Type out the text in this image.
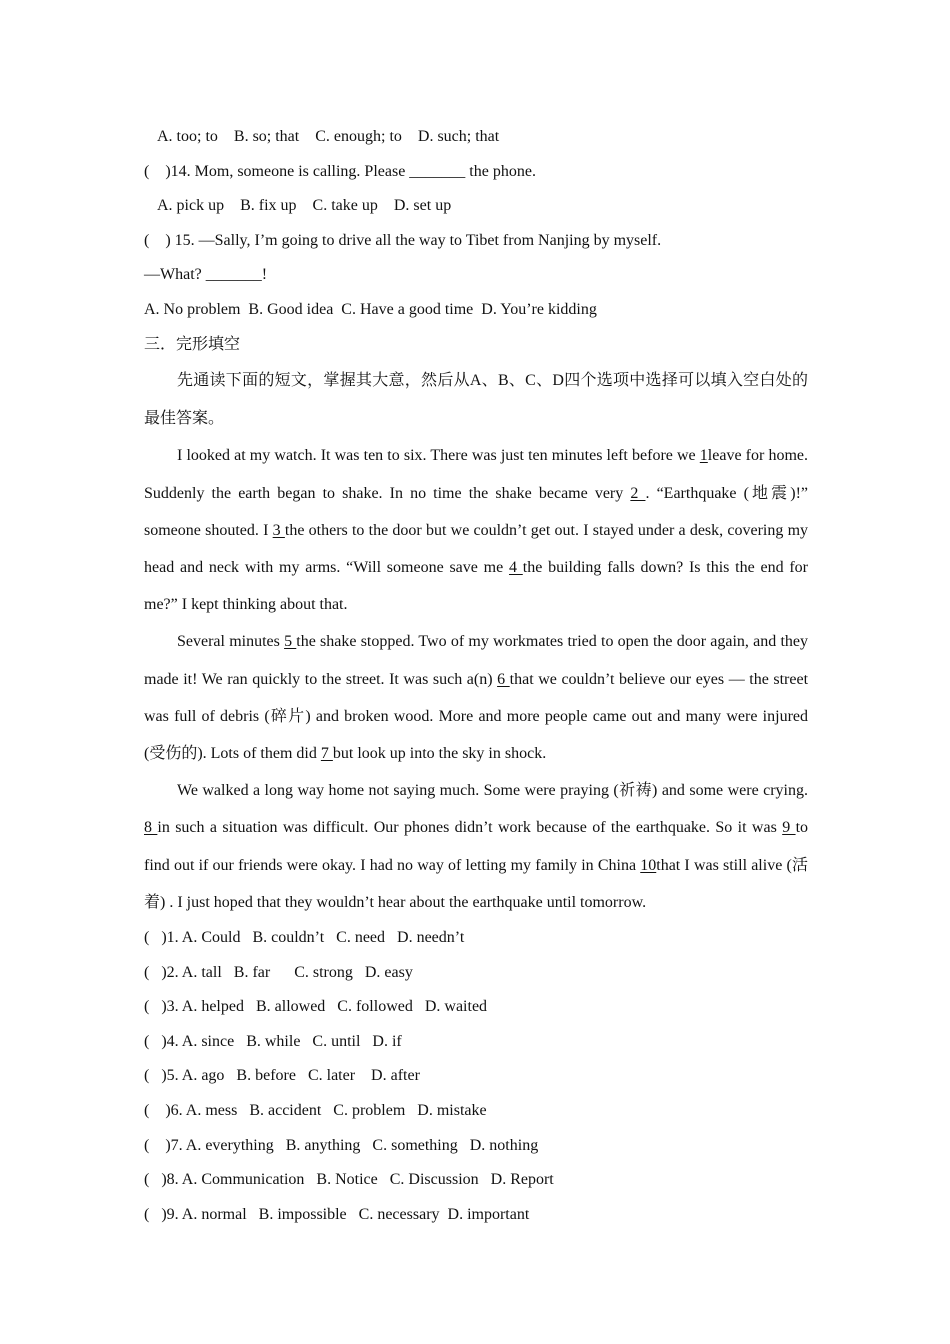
A. too; to    B. so; that    C. enough; to    D. such; that
(    )14. Mom, someone is calling. Please _______ the phone.
A. pick up    B. fix up    C. take up    D. set up
(    ) 15. —Sally, I’m going to drive all the way to Tibet from Nanjing by myself.
—What? _______!
A. No problem  B. Good idea  C. Have a good time  D. You’re kidding
三．完形填空

先通读下面的短文，掌握其大意，然后从A、B、C、D四个选项中选择可以填入空白处的最佳答案。

I looked at my watch. It was ten to six. There was just ten minutes left before we 1leave for home. Suddenly the earth began to shake. In no time the shake became very 2 . “Earthquake (地震)!” someone shouted. I 3 the others to the door but we couldn’t get out. I stayed under a desk, covering my head and neck with my arms. “Will someone save me 4 the building falls down? Is this the end for me?” I kept thinking about that.

Several minutes 5 the shake stopped. Two of my workmates tried to open the door again, and they made it! We ran quickly to the street. It was such a(n) 6 that we couldn’t believe our eyes — the street was full of debris (碎片) and broken wood. More and more people came out and many were injured (受伤的). Lots of them did 7 but look up into the sky in shock.

We walked a long way home not saying much. Some were praying (祈祷) and some were crying. 8 in such a situation was difficult. Our phones didn’t work because of the earthquake. So it was 9 to find out if our friends were okay. I had no way of letting my family in China 10that I was still alive (活着) . I just hoped that they wouldn’t hear about the earthquake until tomorrow.

(   )1. A. Could   B. couldn’t   C. need   D. needn’t
(   )2. A. tall   B. far      C. strong   D. easy
(   )3. A. helped   B. allowed   C. followed   D. waited
(   )4. A. since   B. while   C. until   D. if
(   )5. A. ago   B. before   C. later    D. after
(    )6. A. mess   B. accident   C. problem   D. mistake
(    )7. A. everything   B. anything   C. something   D. nothing
(   )8. A. Communication   B. Notice   C. Discussion   D. Report
(   )9. A. normal   B. impossible   C. necessary  D. important
